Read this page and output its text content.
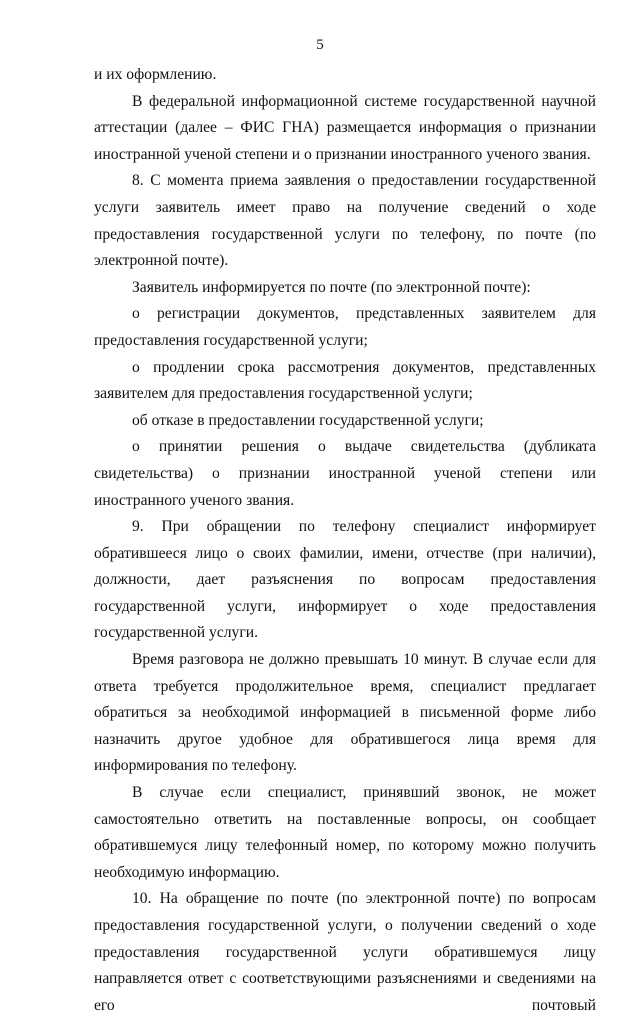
5

и их оформлению.

В федеральной информационной системе государственной научной аттестации (далее – ФИС ГНА) размещается информация о признании иностранной ученой степени и о признании иностранного ученого звания.

8. С момента приема заявления о предоставлении государственной услуги заявитель имеет право на получение сведений о ходе предоставления государственной услуги по телефону, по почте (по электронной почте).

Заявитель информируется по почте (по электронной почте):

о регистрации документов, представленных заявителем для предоставления государственной услуги;

о продлении срока рассмотрения документов, представленных заявителем для предоставления государственной услуги;

об отказе в предоставлении государственной услуги;

о принятии решения о выдаче свидетельства (дубликата свидетельства) о признании иностранной ученой степени или иностранного ученого звания.

9. При обращении по телефону специалист информирует обратившееся лицо о своих фамилии, имени, отчестве (при наличии), должности, дает разъяснения по вопросам предоставления государственной услуги, информирует о ходе предоставления государственной услуги.

Время разговора не должно превышать 10 минут. В случае если для ответа требуется продолжительное время, специалист предлагает обратиться за необходимой информацией в письменной форме либо назначить другое удобное для обратившегося лица время для информирования по телефону.

В случае если специалист, принявший звонок, не может самостоятельно ответить на поставленные вопросы, он сообщает обратившемуся лицу телефонный номер, по которому можно получить необходимую информацию.

10. На обращение по почте (по электронной почте) по вопросам предоставления государственной услуги, о получении сведений о ходе предоставления государственной услуги обратившемуся лицу направляется ответ с соответствующими разъяснениями и сведениями на его почтовый
